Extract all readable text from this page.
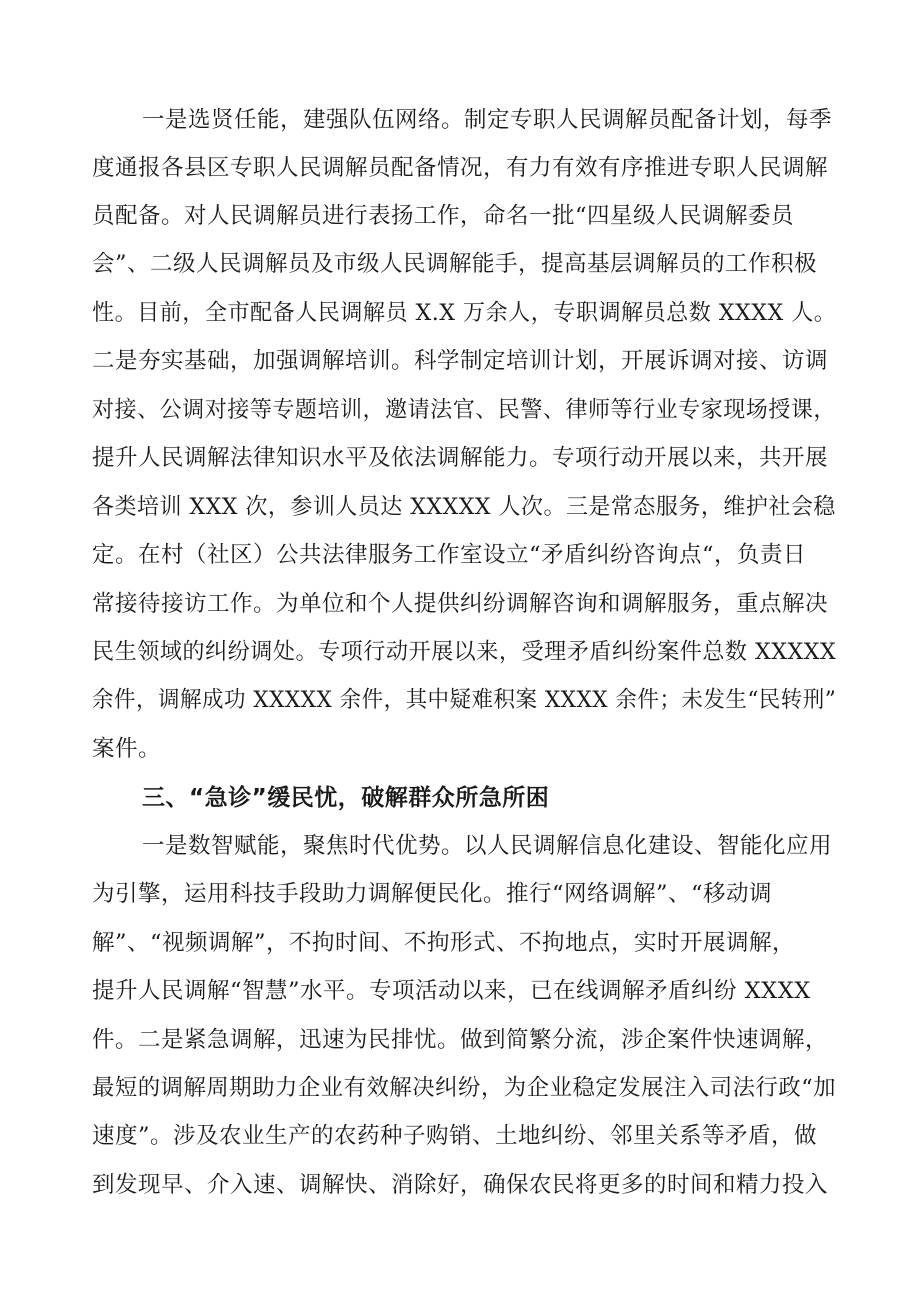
一是选贤任能，建强队伍网络。制定专职人民调解员配备计划，每季
度通报各县区专职人民调解员配备情况，有力有效有序推进专职人民调解
员配备。对人民调解员进行表扬工作，命名一批“四星级人民调解委员
会”、二级人民调解员及市级人民调解能手，提高基层调解员的工作积极
性。目前，全市配备人民调解员 X.X 万余人，专职调解员总数 XXXX 人。
二是夯实基础，加强调解培训。科学制定培训计划，开展诉调对接、访调
对接、公调对接等专题培训，邀请法官、民警、律师等行业专家现场授课，
提升人民调解法律知识水平及依法调解能力。专项行动开展以来，共开展
各类培训 XXX 次，参训人员达 XXXXX 人次。三是常态服务，维护社会稳
定。在村（社区）公共法律服务工作室设立“矛盾纠纷咨询点“，负责日
常接待接访工作。为单位和个人提供纠纷调解咨询和调解服务，重点解决
民生领域的纠纷调处。专项行动开展以来，受理矛盾纠纷案件总数 XXXXX
余件，调解成功 XXXXX 余件，其中疑难积案 XXXX 余件；未发生“民转刑”
案件。
三、“急诊”缓民忧，破解群众所急所困
一是数智赋能，聚焦时代优势。以人民调解信息化建设、智能化应用
为引擎，运用科技手段助力调解便民化。推行“网络调解”、“移动调
解”、“视频调解”，不拘时间、不拘形式、不拘地点，实时开展调解，
提升人民调解“智慧”水平。专项活动以来，已在线调解矛盾纠纷 XXXX
件。二是紧急调解，迅速为民排忧。做到简繁分流，涉企案件快速调解，
最短的调解周期助力企业有效解决纠纷，为企业稳定发展注入司法行政“加
速度”。涉及农业生产的农药种子购销、土地纠纷、邻里关系等矛盾，做
到发现早、介入速、调解快、消除好，确保农民将更多的时间和精力投入
